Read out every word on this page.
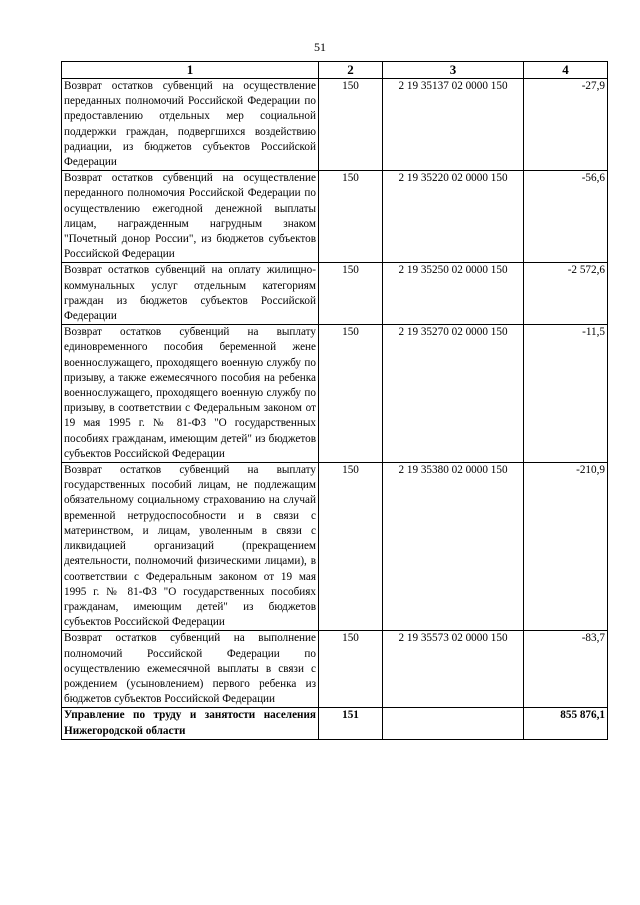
51
1	2	3	4
Возврат остатков субвенций на осуществление переданных полномочий Российской Федерации по предоставлению отдельных мер социальной поддержки граждан, подвергшихся воздействию радиации, из бюджетов субъектов Российской Федерации	150	2 19 35137 02 0000 150	-27,9
Возврат остатков субвенций на осуществление переданного полномочия Российской Федерации по осуществлению ежегодной денежной выплаты лицам, награжденным нагрудным знаком "Почетный донор России", из бюджетов субъектов Российской Федерации	150	2 19 35220 02 0000 150	-56,6
Возврат остатков субвенций на оплату жилищно-коммунальных услуг отдельным категориям граждан из бюджетов субъектов Российской Федерации	150	2 19 35250 02 0000 150	-2 572,6
Возврат остатков субвенций на выплату единовременного пособия беременной жене военнослужащего, проходящего военную службу по призыву, а также ежемесячного пособия на ребенка военнослужащего, проходящего военную службу по призыву, в соответствии с Федеральным законом от 19 мая 1995 г. № 81-ФЗ "О государственных пособиях гражданам, имеющим детей" из бюджетов субъектов Российской Федерации	150	2 19 35270 02 0000 150	-11,5
Возврат остатков субвенций на выплату государственных пособий лицам, не подлежащим обязательному социальному страхованию на случай временной нетрудоспособности и в связи с материнством, и лицам, уволенным в связи с ликвидацией организаций (прекращением деятельности, полномочий физическими лицами), в соответствии с Федеральным законом от 19 мая 1995 г. № 81-ФЗ "О государственных пособиях гражданам, имеющим детей" из бюджетов субъектов Российской Федерации	150	2 19 35380 02 0000 150	-210,9
Возврат остатков субвенций на выполнение полномочий Российской Федерации по осуществлению ежемесячной выплаты в связи с рождением (усыновлением) первого ребенка из бюджетов субъектов Российской Федерации	150	2 19 35573 02 0000 150	-83,7
Управление по труду и занятости населения Нижегородской области	151		855 876,1
